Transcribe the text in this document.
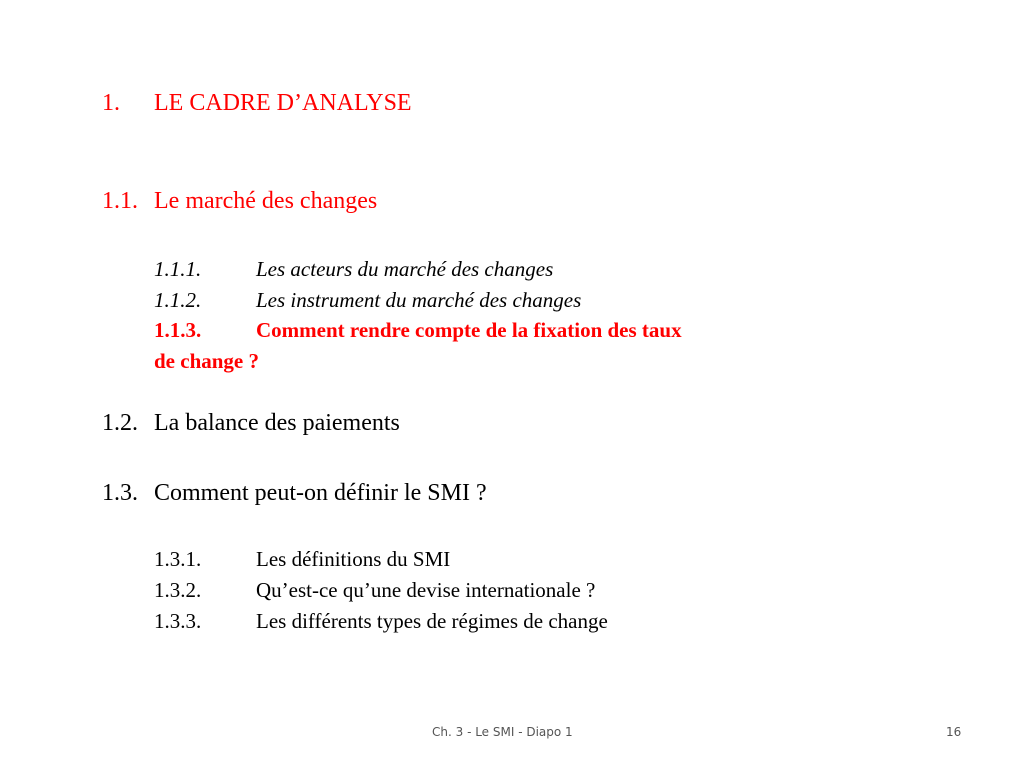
1. LE CADRE D’ANALYSE
1.1. Le marché des changes
1.1.1.	Les acteurs du marché des changes
1.1.2.	Les instrument du marché des changes
1.1.3.	Comment rendre compte de la fixation des taux
de change ?
1.2. La balance des paiements
1.3. Comment peut-on définir le SMI ?
1.3.1.	Les définitions du SMI
1.3.2.	Qu’est-ce qu’une devise internationale ?
1.3.3.	Les différents types de régimes de change
Ch. 3 - Le SMI - Diapo 1	16
